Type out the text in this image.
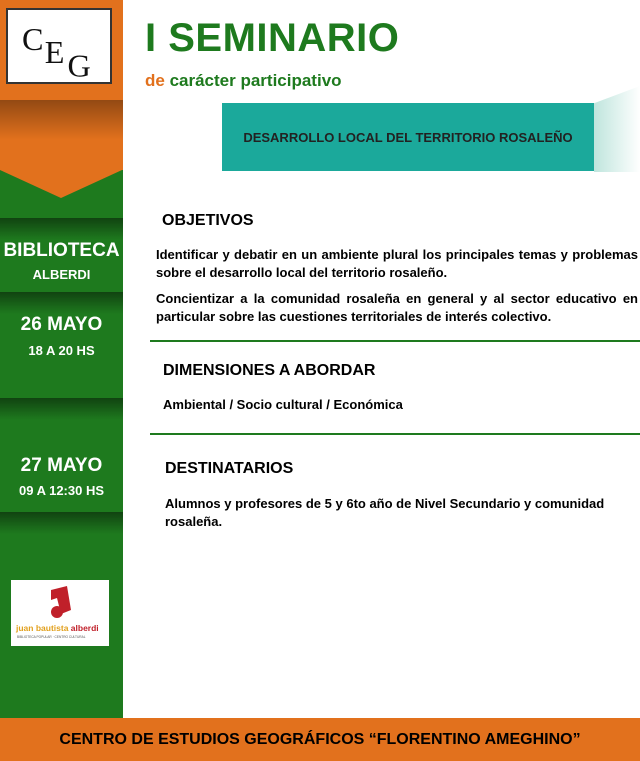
C E G
BIBLIOTECA
ALBERDI
26 MAYO
18 A 20 HS
27 MAYO
09 A 12:30 HS
juan bautista alberdi
BIBLIOTECA POPULAR · CENTRO CULTURAL
I SEMINARIO
de carácter participativo
DESARROLLO LOCAL DEL TERRITORIO ROSALEÑO
OBJETIVOS
Identificar y debatir en un ambiente plural los principales temas y problemas sobre el desarrollo local del territorio rosaleño.
Concientizar a la comunidad rosaleña en general y al sector educativo en particular sobre las cuestiones territoriales de interés colectivo.
DIMENSIONES A ABORDAR
Ambiental / Socio cultural / Económica
DESTINATARIOS
Alumnos y profesores de 5 y 6to año de Nivel Secundario y comunidad rosaleña.
CENTRO DE ESTUDIOS GEOGRÁFICOS “FLORENTINO AMEGHINO”
